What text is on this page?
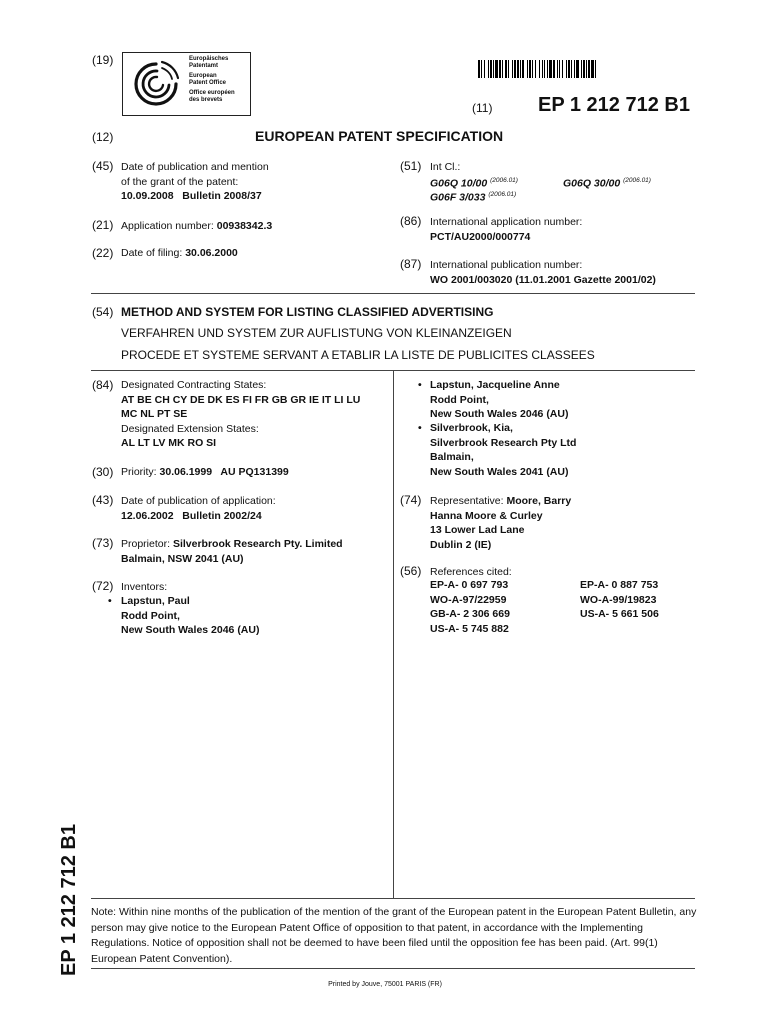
(19)	Europäisches
Patentamt
European
Patent Office
Office européen
des brevets
(11) EP 1 212 712 B1
(12)	EUROPEAN PATENT SPECIFICATION
(45) Date of publication and mention
of the grant of the patent:
10.09.2008   Bulletin 2008/37
(21) Application number: 00938342.3
(22) Date of filing: 30.06.2000
(51) Int Cl.:
G06Q 10/00 $^{(2006.01)}$	G06Q 30/00 $^{(2006.01)}$
G06F 3/033 $^{(2006.01)}$
(86) International application number:
PCT/AU2000/000774
(87) International publication number:
WO 2001/003020 (11.01.2001 Gazette 2001/02)
(54) METHOD AND SYSTEM FOR LISTING CLASSIFIED ADVERTISING
VERFAHREN UND SYSTEM ZUR AUFLISTUNG VON KLEINANZEIGEN
PROCEDE ET SYSTEME SERVANT A ETABLIR LA LISTE DE PUBLICITES CLASSEES
(84) Designated Contracting States:
AT BE CH CY DE DK ES FI FR GB GR IE IT LI LU
MC NL PT SE
Designated Extension States:
AL LT LV MK RO SI
(30) Priority: 30.06.1999   AU PQ131399
(43) Date of publication of application:
12.06.2002   Bulletin 2002/24
(73) Proprietor: Silverbrook Research Pty. Limited
Balmain, NSW 2041 (AU)
(72) Inventors:
• Lapstun, Paul
Rodd Point,
New South Wales 2046 (AU)
• Lapstun, Jacqueline Anne
Rodd Point,
New South Wales 2046 (AU)
• Silverbrook, Kia,
Silverbrook Research Pty Ltd
Balmain,
New South Wales 2041 (AU)
(74) Representative: Moore, Barry
Hanna Moore & Curley
13 Lower Lad Lane
Dublin 2 (IE)
(56) References cited:
EP-A- 0 697 793	EP-A- 0 887 753
WO-A-97/22959	WO-A-99/19823
GB-A- 2 306 669	US-A- 5 661 506
US-A- 5 745 882
EP 1 212 712 B1 Note: Within nine months of the publication of the mention of the grant of the European patent in the European Patent Bulletin, any person may give notice to the European Patent Office of opposition to that patent, in accordance with the Implementing Regulations. Notice of opposition shall not be deemed to have been filed until the opposition fee has been paid. (Art. 99(1) European Patent Convention).
Printed by Jouve, 75001 PARIS (FR)
